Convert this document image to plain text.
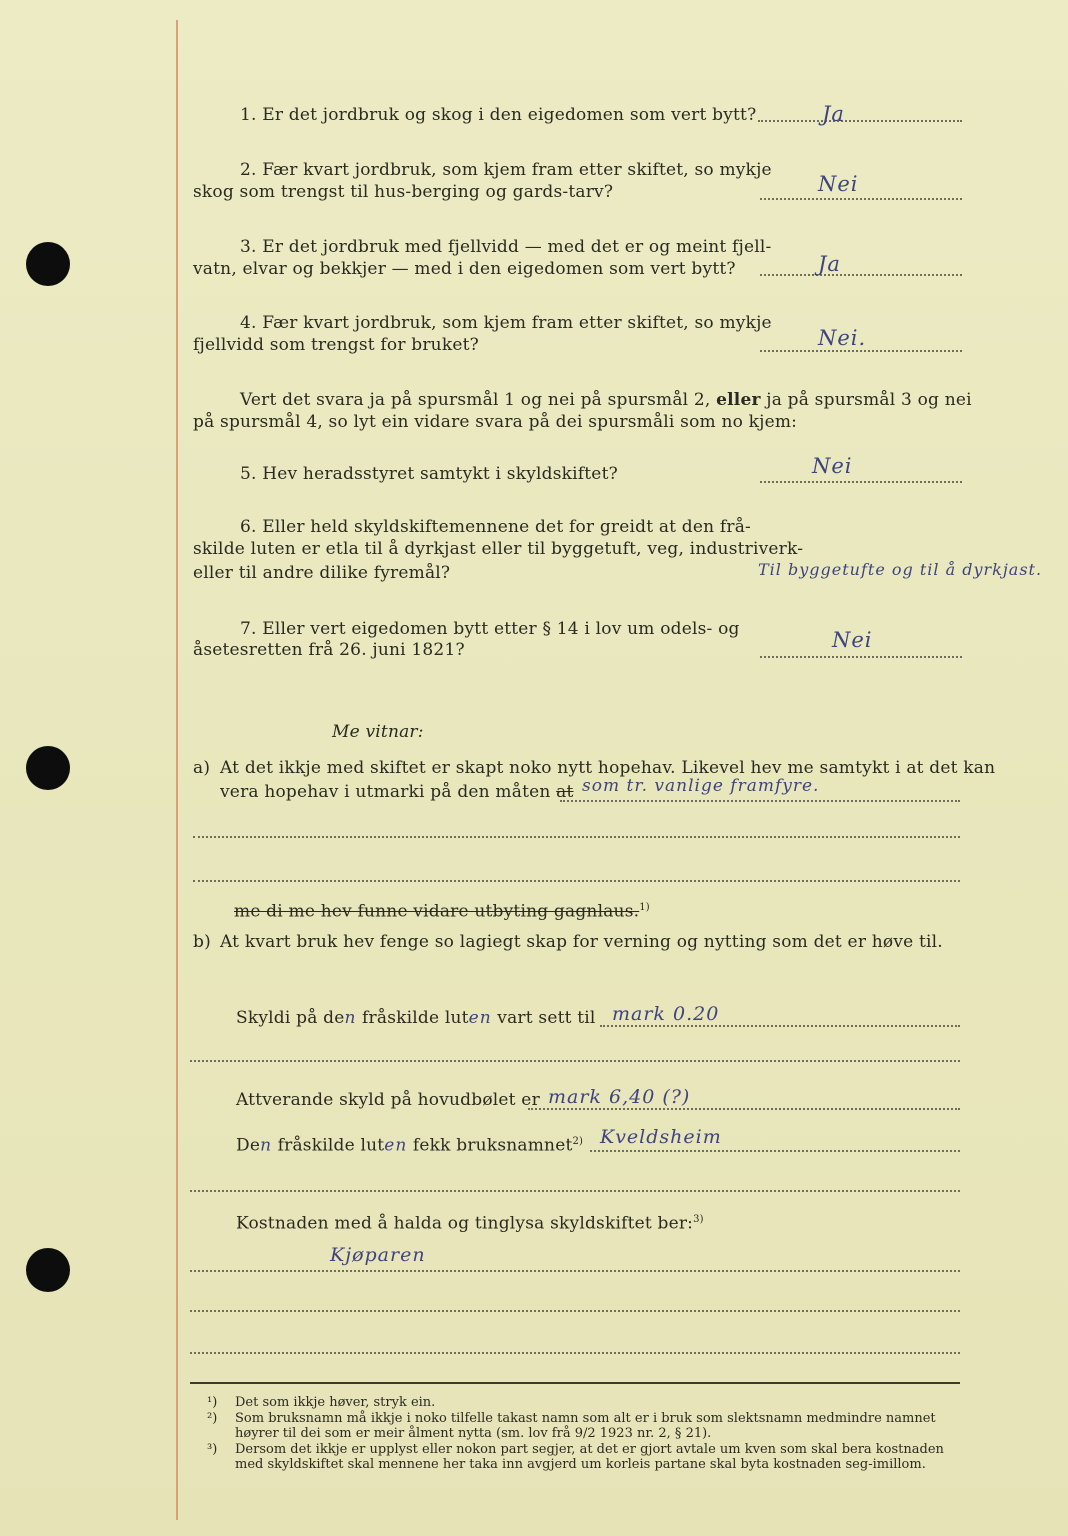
1. Er det jordbruk og skog i den eigedomen som vert bytt?	Ja
2. Fær kvart jordbruk, som kjem fram etter skiftet, so mykje
skog som trengst til hus-berging og gards-tarv?	Nei
3. Er det jordbruk med fjellvidd — med det er og meint fjell-
vatn, elvar og bekkjer — med i den eigedomen som vert bytt?	Ja
4. Fær kvart jordbruk, som kjem fram etter skiftet, so mykje
fjellvidd som trengst for bruket?	Nei.
Vert det svara ja på spursmål 1 og nei på spursmål 2, eller ja på spursmål 3 og nei
på spursmål 4, so lyt ein vidare svara på dei spursmåli som no kjem:
5. Hev heradsstyret samtykt i skyldskiftet?	Nei
6. Eller held skyldskiftemennene det for greidt at den frå-
skilde luten er etla til å dyrkjast eller til byggetuft, veg, industriverk-
eller til andre dilike fyremål?	Til byggetufte og til å dyrkjast.
7. Eller vert eigedomen bytt etter § 14 i lov um odels- og
åsetesretten frå 26. juni 1821?	Nei
Me vitnar:
a) At det ikkje med skiftet er skapt noko nytt hopehav. Likevel hev me samtykt i at det kan
vera hopehav i utmarki på den måten at som tr. vanlige framfyre.
me di me hev funne vidare utbyting gagnlaus.$^{1)}$
b) At kvart bruk hev fenge so lagiegt skap for verning og nytting som det er høve til.
Skyldi på den fråskilde luten vart sett til mark 0.20
Attverande skyld på hovudbølet er mark 6,40 (?)
Den fråskilde luten fekk bruksnamnet$^{2)}$ Kveldsheim
Kostnaden med å halda og tinglysa skyldskiftet ber:$^{3)}$
Kjøparen
¹)	Det som ikkje høver, stryk ein.
²)	Som bruksnamn må ikkje i noko tilfelle takast namn som alt er i bruk som slektsnamn medmindre namnet høyrer til dei som er meir ålment nytta (sm. lov frå 9/2 1923 nr. 2, § 21).
³)	Dersom det ikkje er upplyst eller nokon part segjer, at det er gjort avtale um kven som skal bera kostnaden med skyldskiftet skal mennene her taka inn avgjerd um korleis partane skal byta kostnaden seg-imillom.
